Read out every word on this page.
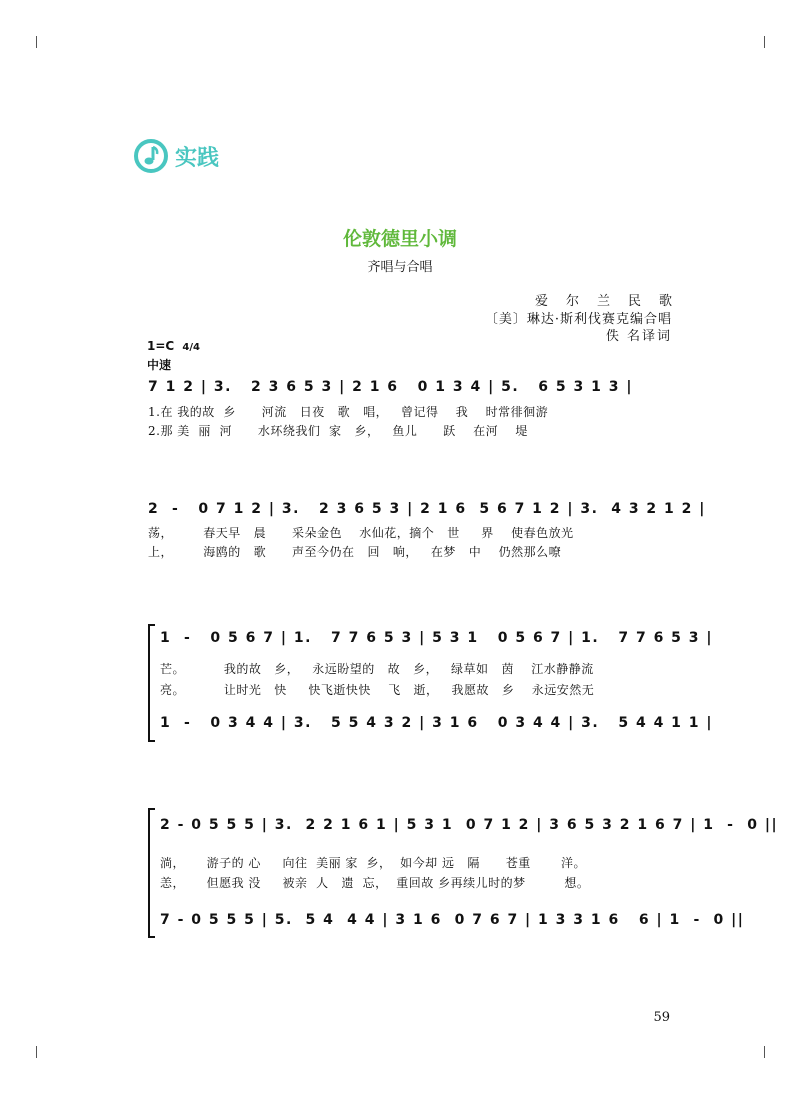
实践
伦敦德里小调
齐唱与合唱
爱尔兰民歌
〔美〕琳达·斯利伐赛克编合唱
佚 名译词
1=C 4/4
中速
7 1 2 | 3.   2 3 6 5 3 | 2 1 6   0 1 3 4 | 5.   6 5 3 1 3 |
1.在 我的故  乡      河流   日夜   歌   唱，   曾记得    我    时常徘徊游
2.那 美  丽  河      水环绕我们  家   乡，   鱼儿      跃    在河    堤
2  -   0 7 1 2 | 3.   2 3 6 5 3 | 2 1 6  5 6 7 1 2 | 3.  4 3 2 1 2 |
荡，       春天早   晨      采朵金色    水仙花，摘个   世     界    使春色放光
上，       海鸥的   歌      声至今仍在   回   响，   在梦   中    仍然那么嘹
1  -   0 5 6 7 | 1.   7 7 6 5 3 | 5 3 1   0 5 6 7 | 1.   7 7 6 5 3 |
芒。         我的故   乡，   永远盼望的   故   乡，   绿草如   茵    江水静静流
亮。         让时光   快     快飞逝快快    飞   逝，   我愿故   乡    永远安然无
1  -   0 3 4 4 | 3.   5 5 4 3 2 | 3 1 6   0 3 4 4 | 3.   5 4 4 1 1 |
2 - 0 5 5 5 | 3.  2 2 1 6 1 | 5 3 1  0 7 1 2 | 3 6 5 3 2 1 6 7 | 1  -  0 ||
淌，     游子的 心     向往  美丽 家  乡，  如今却 远   隔      苍重       洋。
恙，     但愿我 没     被亲  人   遗  忘，  重回故 乡再续儿时的梦         想。
7 - 0 5 5 5 | 5.  5 4  4 4 | 3 1 6  0 7 6 7 | 1 3 3 1 6   6 | 1  -  0 ||
59
